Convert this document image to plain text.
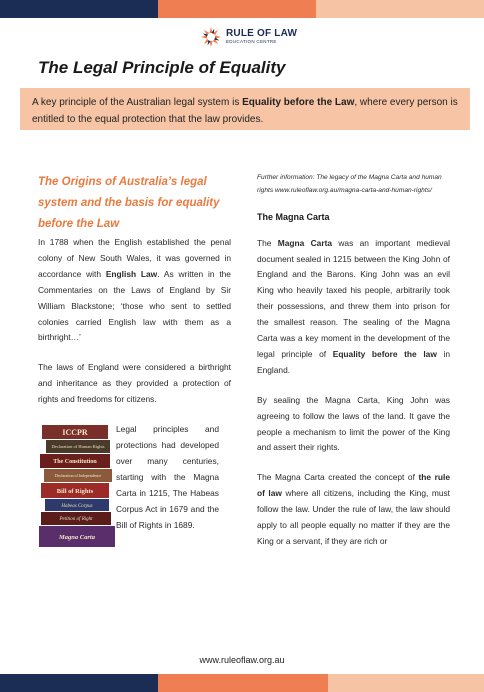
RULE OF LAW
EDUCATION CENTRE
The Legal Principle of Equality
A key principle of the Australian legal system is Equality before the Law, where every person is entitled to the equal protection that the law provides.
The Origins of Australia’s legal system and the basis for equality before the Law

In 1788 when the English established the penal colony of New South Wales, it was governed in accordance with English Law. As written in the Commentaries on the Laws of England by Sir William Blackstone; ‘those who sent to settled colonies carried English law with them as a birthright…’

The laws of England were considered a birthright and inheritance as they provided a protection of rights and freedoms for citizens.

ICCPR
Declaration of Human Rights
The Constitution
Declaration of Independence
Bill of Rights
Habeas Corpus
Petition of Right
Magna Carta

Legal principles and protections had developed over many centuries, starting with the Magna Carta in 1215, The Habeas Corpus Act in 1679 and the Bill of Rights in 1689.

Further information: The legacy of the Magna Carta and human rights www.ruleoflaw.org.au/magna-carta-and-human-rights/

The Magna Carta

The Magna Carta was an important medieval document sealed in 1215 between the King John of England and the Barons. King John was an evil King who heavily taxed his people, arbitrarily took their possessions, and threw them into prison for the smallest reason. The sealing of the Magna Carta was a key moment in the development of the legal principle of Equality before the law in England.

By sealing the Magna Carta, King John was agreeing to follow the laws of the land. It gave the people a mechanism to limit the power of the King and assert their rights.

The Magna Carta created the concept of the rule of law where all citizens, including the King, must follow the law. Under the rule of law, the law should apply to all people equally no matter if they are the King or a servant, if they are rich or

www.ruleoflaw.org.au
